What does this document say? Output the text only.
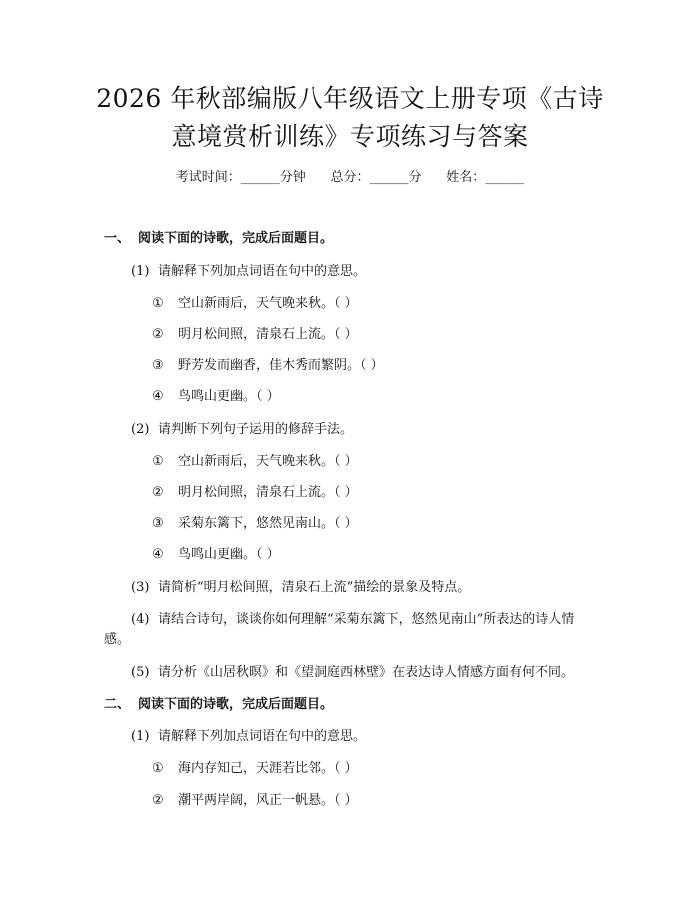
2026 年秋部编版八年级语文上册专项《古诗
意境赏析训练》专项练习与答案
考试时间：______分钟      总分：______分      姓名：______
一、 阅读下面的诗歌，完成后面题目。
(1) 请解释下列加点词语在句中的意思。
① 空山新雨后，天气晚来秋。（ ）
② 明月松间照，清泉石上流。（ ）
③ 野芳发而幽香，佳木秀而繁阴。（ ）
④ 鸟鸣山更幽。（ ）
(2) 请判断下列句子运用的修辞手法。
① 空山新雨后，天气晚来秋。（ ）
② 明月松间照，清泉石上流。（ ）
③ 采菊东篱下，悠然见南山。（ ）
④ 鸟鸣山更幽。（ ）
(3) 请简析“明月松间照，清泉石上流”描绘的景象及特点。
(4) 请结合诗句，谈谈你如何理解“采菊东篱下，悠然见南山”所表达的诗人情感。
(5) 请分析《山居秋暝》和《望洞庭西林壁》在表达诗人情感方面有何不同。
二、 阅读下面的诗歌，完成后面题目。
(1) 请解释下列加点词语在句中的意思。
① 海内存知己，天涯若比邻。（ ）
② 潮平两岸阔，风正一帆悬。（ ）
